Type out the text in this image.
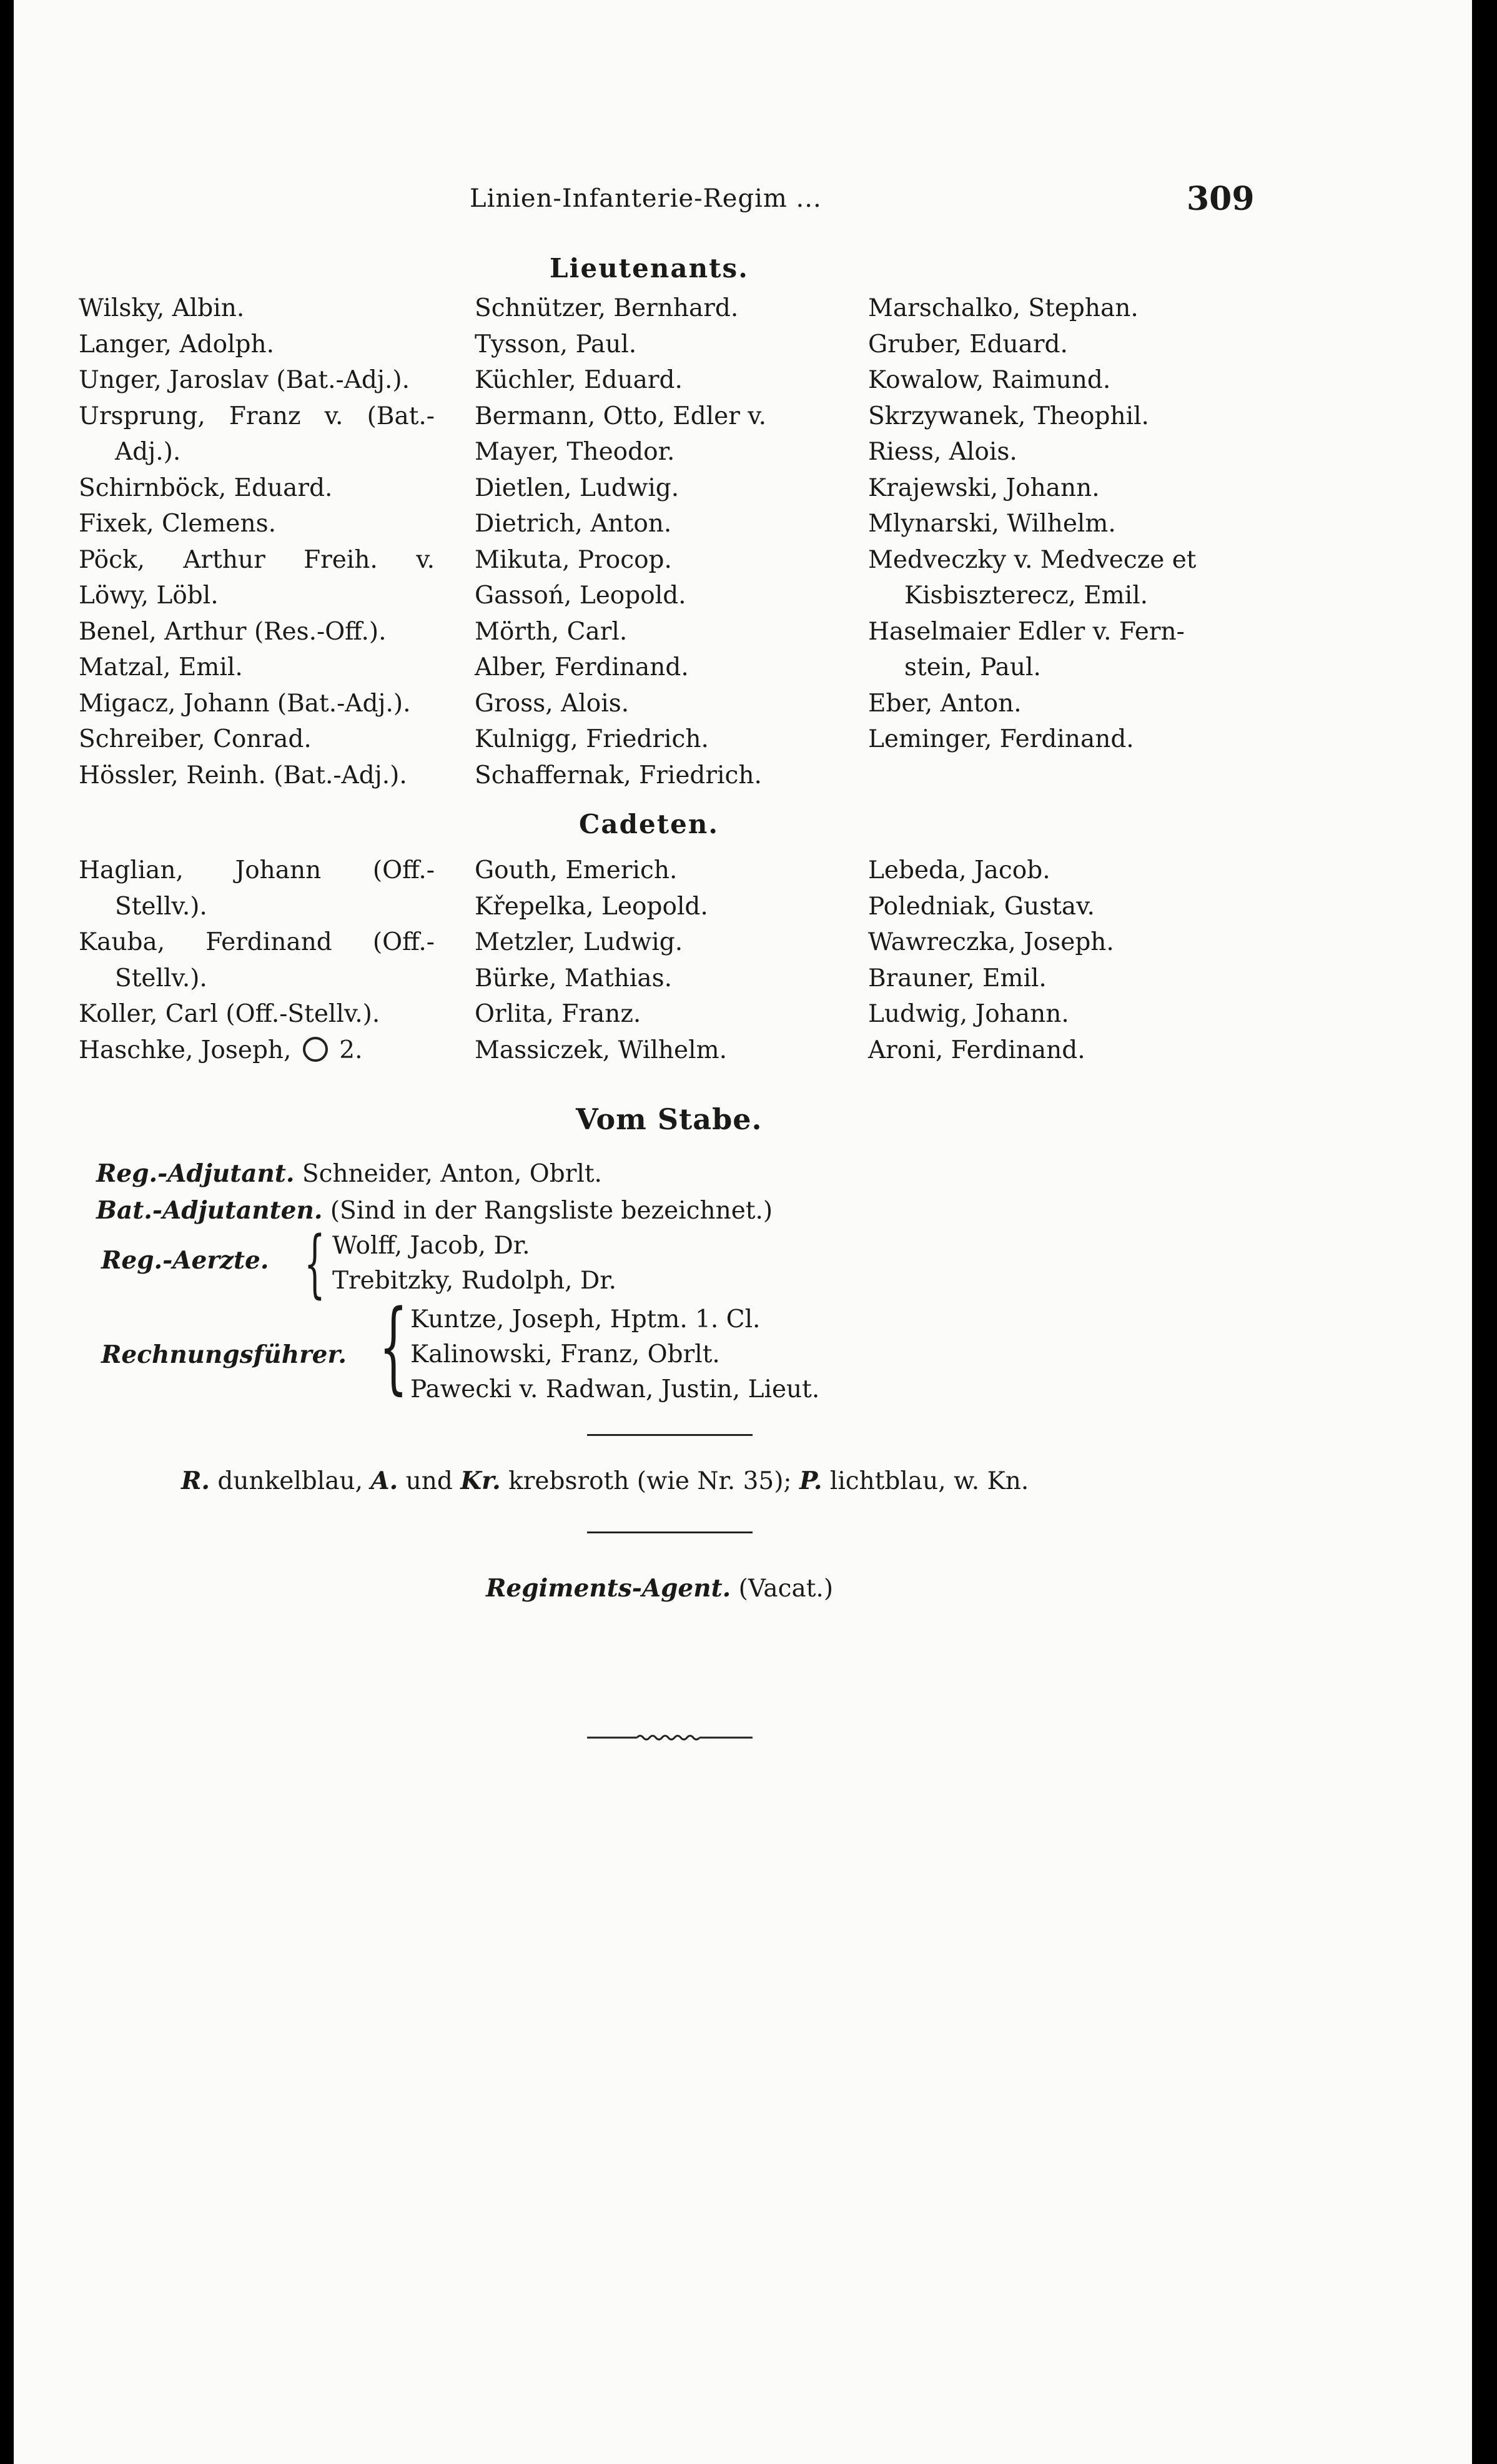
Linien-Infanterie-Regim ...	309
Lieutenants.
Wilsky, Albin.
Langer, Adolph.
Unger, Jaroslav (Bat.-Adj.).
Ursprung, Franz v. (Bat.-
Adj.).
Schirnböck, Eduard.
Fixek, Clemens.
Pöck, Arthur Freih. v.
Löwy, Löbl.
Benel, Arthur (Res.-Off.).
Matzal, Emil.
Migacz, Johann (Bat.-Adj.).
Schreiber, Conrad.
Hössler, Reinh. (Bat.-Adj.).
Schnützer, Bernhard.
Tysson, Paul.
Küchler, Eduard.
Bermann, Otto, Edler v.
Mayer, Theodor.
Dietlen, Ludwig.
Dietrich, Anton.
Mikuta, Procop.
Gassoń, Leopold.
Mörth, Carl.
Alber, Ferdinand.
Gross, Alois.
Kulnigg, Friedrich.
Schaffernak, Friedrich.
Marschalko, Stephan.
Gruber, Eduard.
Kowalow, Raimund.
Skrzywanek, Theophil.
Riess, Alois.
Krajewski, Johann.
Mlynarski, Wilhelm.
Medveczky v. Medvecze et
Kisbiszterecz, Emil.
Haselmaier Edler v. Fern-
stein, Paul.
Eber, Anton.
Leminger, Ferdinand.
Cadeten.
Haglian, Johann (Off.-
Stellv.).
Kauba, Ferdinand (Off.-
Stellv.).
Koller, Carl (Off.-Stellv.).
Haschke, Joseph, 2.
Gouth, Emerich.
Křepelka, Leopold.
Metzler, Ludwig.
Bürke, Mathias.
Orlita, Franz.
Massiczek, Wilhelm.
Lebeda, Jacob.
Poledniak, Gustav.
Wawreczka, Joseph.
Brauner, Emil.
Ludwig, Johann.
Aroni, Ferdinand.
Vom Stabe.
Reg.-Adjutant. Schneider, Anton, Obrlt.
Bat.-Adjutanten. (Sind in der Rangsliste bezeichnet.)
Reg.-Aerzte. { Wolff, Jacob, Dr.
Trebitzky, Rudolph, Dr.
Rechnungsführer. { Kuntze, Joseph, Hptm. 1. Cl.
Kalinowski, Franz, Obrlt.
Pawecki v. Radwan, Justin, Lieut.
R. dunkelblau, A. und Kr. krebsroth (wie Nr. 35); P. lichtblau, w. Kn.
Regiments-Agent. (Vacat.)
